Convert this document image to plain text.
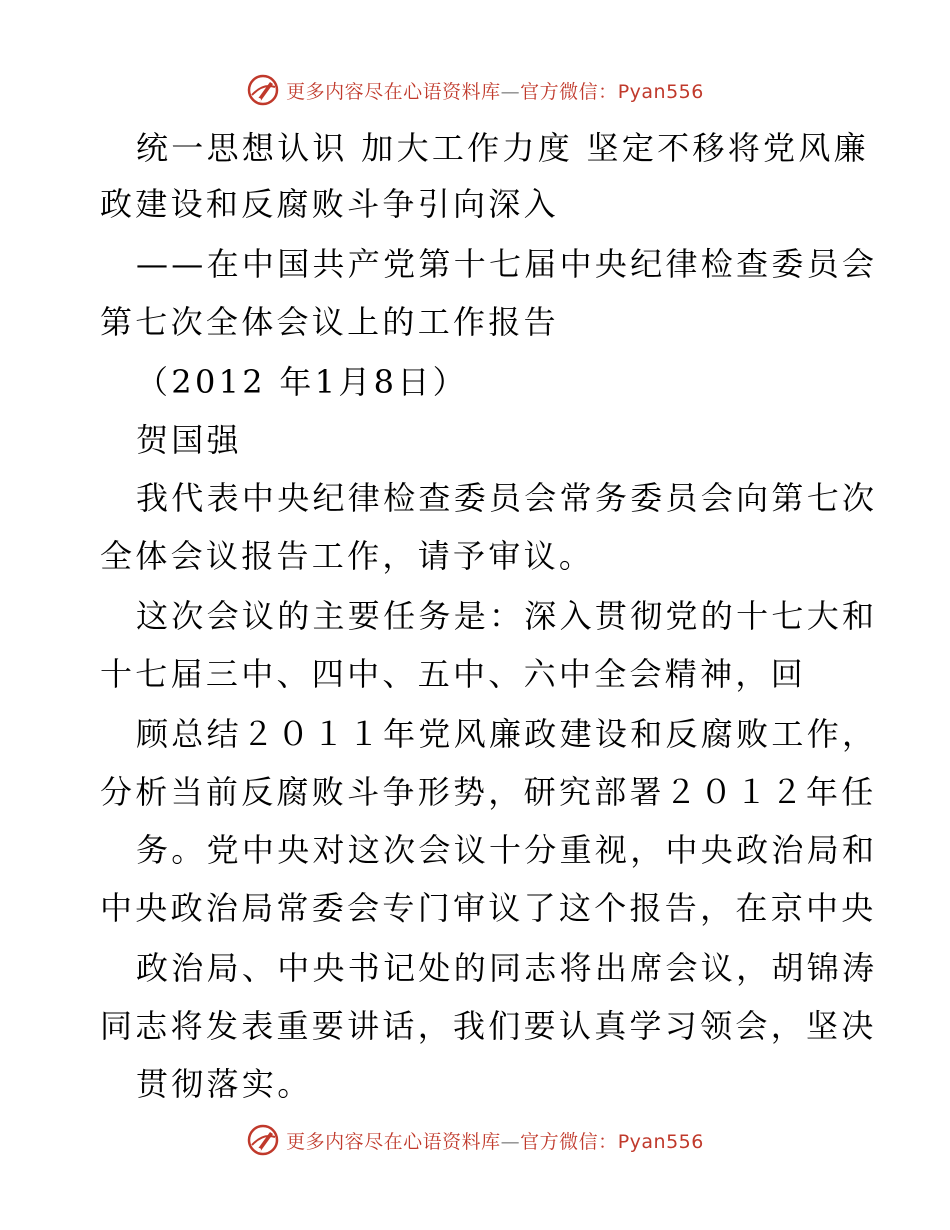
更多内容尽在心语资料库—官方微信：Pyan556
统一思想认识 加大工作力度 坚定不移将党风廉
政建设和反腐败斗争引向深入
——在中国共产党第十七届中央纪律检查委员会
第七次全体会议上的工作报告
（2012 年1月8日）
贺国强
我代表中央纪律检查委员会常务委员会向第七次
全体会议报告工作，请予审议。
这次会议的主要任务是：深入贯彻党的十七大和
十七届三中、四中、五中、六中全会精神，回
顾总结２０１１年党风廉政建设和反腐败工作，
分析当前反腐败斗争形势，研究部署２０１２年任
务。党中央对这次会议十分重视，中央政治局和
中央政治局常委会专门审议了这个报告，在京中央
政治局、中央书记处的同志将出席会议，胡锦涛
同志将发表重要讲话，我们要认真学习领会，坚决
贯彻落实。
更多内容尽在心语资料库—官方微信：Pyan556
